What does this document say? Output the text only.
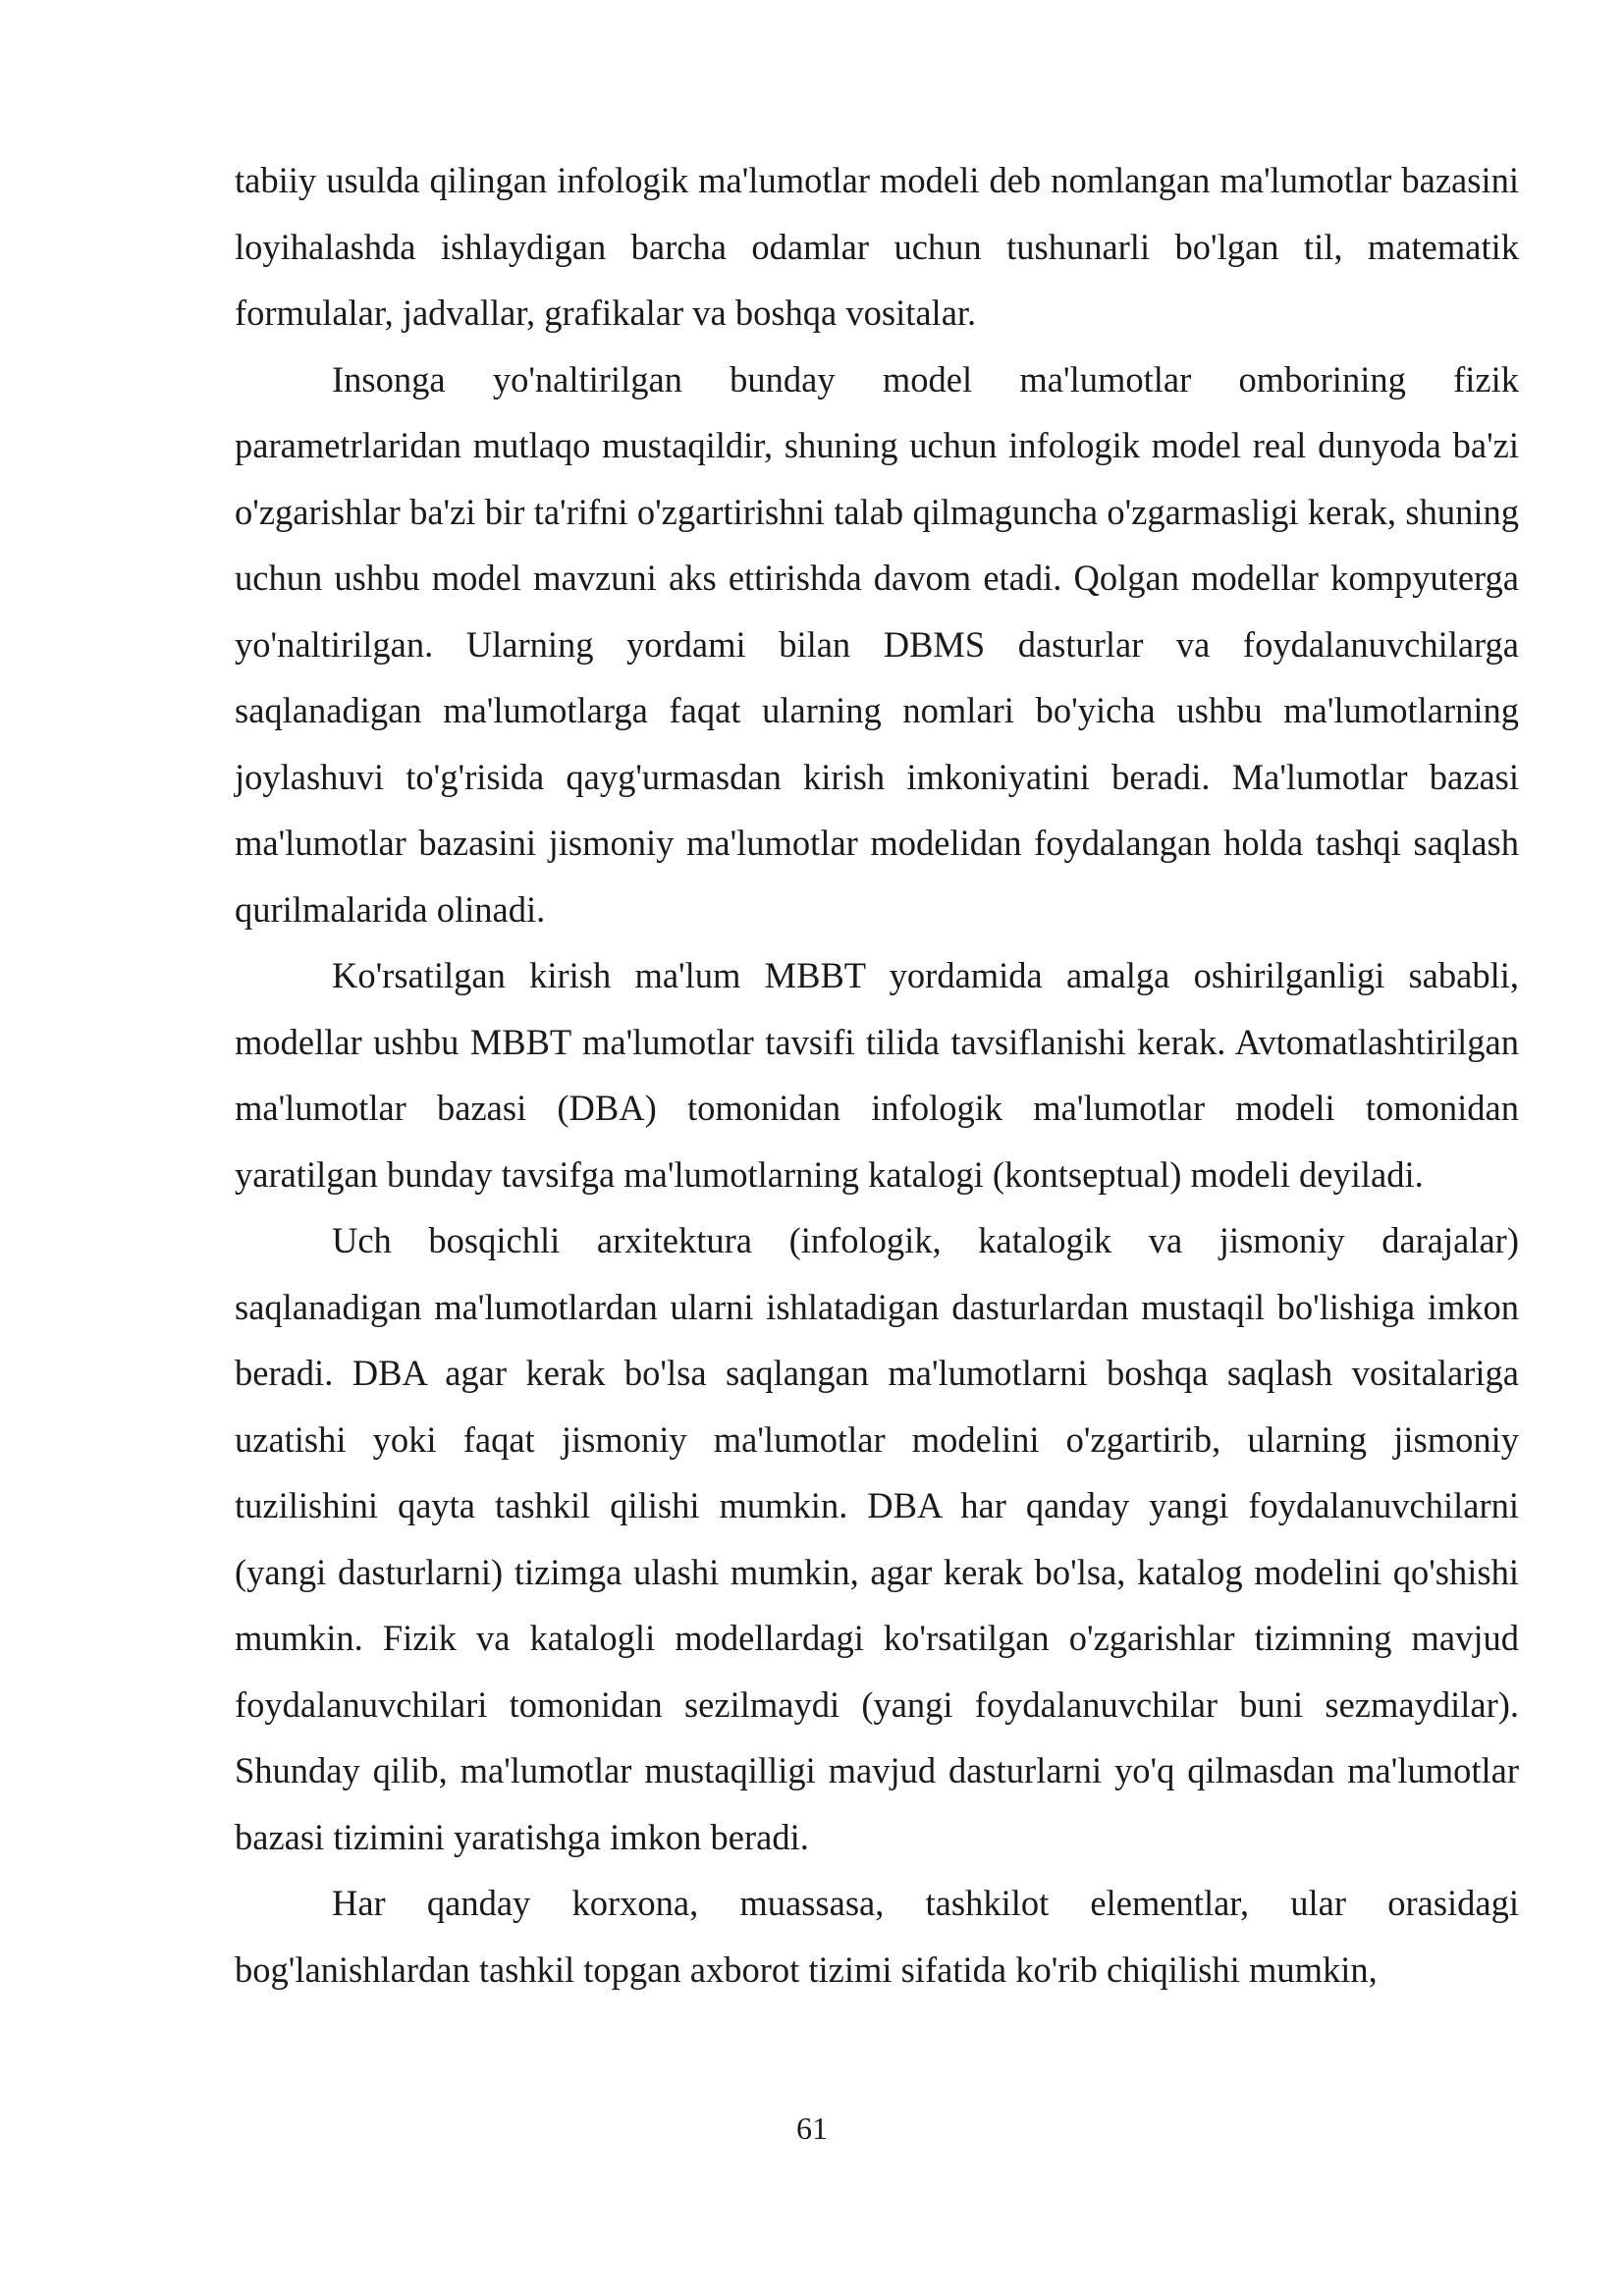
tabiiy usulda qilingan infologik ma'lumotlar modeli deb nomlangan ma'lumotlar bazasini loyihalashda ishlaydigan barcha odamlar uchun tushunarli bo'lgan til, matematik formulalar, jadvallar, grafikalar va boshqa vositalar.

Insonga yo'naltirilgan bunday model ma'lumotlar omborining fizik parametrlaridan mutlaqo mustaqildir, shuning uchun infologik model real dunyoda ba'zi o'zgarishlar ba'zi bir ta'rifni o'zgartirishni talab qilmaguncha o'zgarmasligi kerak, shuning uchun ushbu model mavzuni aks ettirishda davom etadi. Qolgan modellar kompyuterga yo'naltirilgan. Ularning yordami bilan DBMS dasturlar va foydalanuvchilarga saqlanadigan ma'lumotlarga faqat ularning nomlari bo'yicha ushbu ma'lumotlarning joylashuvi to'g'risida qayg'urmasdan kirish imkoniyatini beradi. Ma'lumotlar bazasi ma'lumotlar bazasini jismoniy ma'lumotlar modelidan foydalangan holda tashqi saqlash qurilmalarida olinadi.

Ko'rsatilgan kirish ma'lum MBBT yordamida amalga oshirilganligi sababli, modellar ushbu MBBT ma'lumotlar tavsifi tilida tavsiflanishi kerak. Avtomatlashtirilgan ma'lumotlar bazasi (DBA) tomonidan infologik ma'lumotlar modeli tomonidan yaratilgan bunday tavsifga ma'lumotlarning katalogi (kontseptual) modeli deyiladi.

Uch bosqichli arxitektura (infologik, katalogik va jismoniy darajalar) saqlanadigan ma'lumotlardan ularni ishlatadigan dasturlardan mustaqil bo'lishiga imkon beradi. DBA agar kerak bo'lsa saqlangan ma'lumotlarni boshqa saqlash vositalariga uzatishi yoki faqat jismoniy ma'lumotlar modelini o'zgartirib, ularning jismoniy tuzilishini qayta tashkil qilishi mumkin. DBA har qanday yangi foydalanuvchilarni (yangi dasturlarni) tizimga ulashi mumkin, agar kerak bo'lsa, katalog modelini qo'shishi mumkin. Fizik va katalogli modellardagi ko'rsatilgan o'zgarishlar tizimning mavjud foydalanuvchilari tomonidan sezilmaydi (yangi foydalanuvchilar buni sezmaydilar). Shunday qilib, ma'lumotlar mustaqilligi mavjud dasturlarni yo'q qilmasdan ma'lumotlar bazasi tizimini yaratishga imkon beradi.

Har qanday korxona, muassasa, tashkilot elementlar, ular orasidagi bog'lanishlardan tashkil topgan axborot tizimi sifatida ko'rib chiqilishi mumkin,

61
